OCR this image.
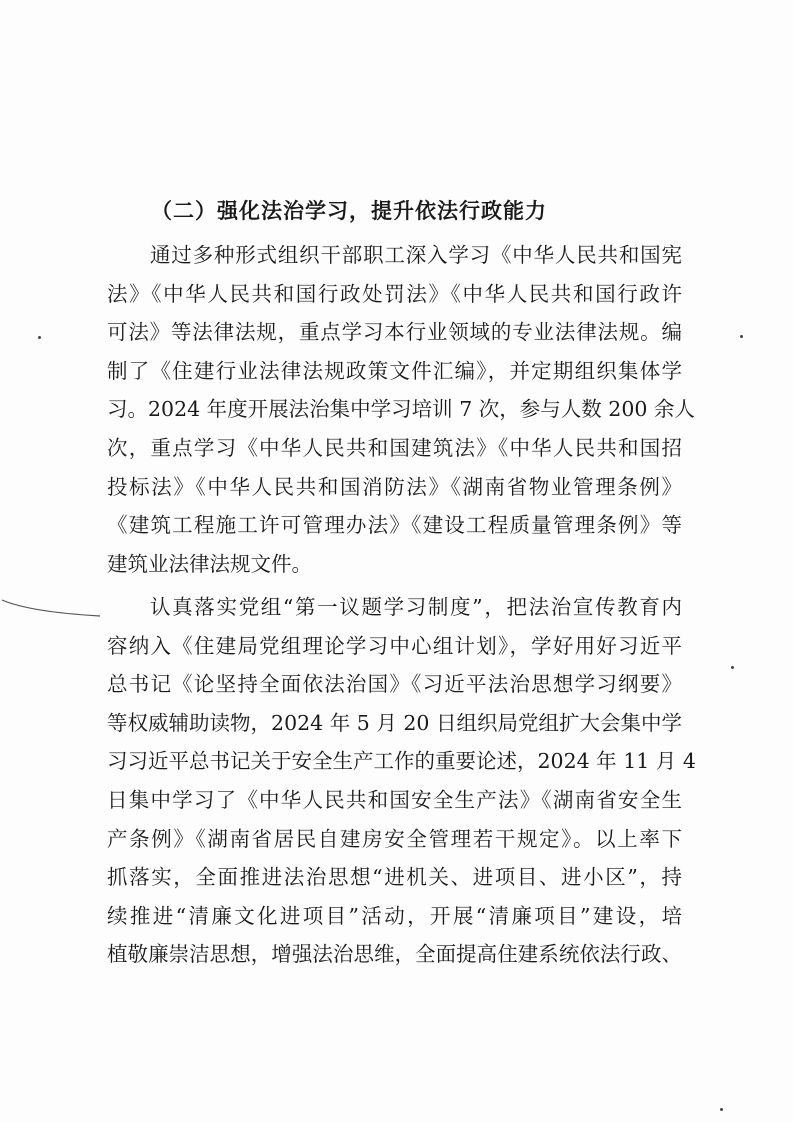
（二）强化法治学习，提升依法行政能力
通过多种形式组织干部职工深入学习《中华人民共和国宪
法》《中华人民共和国行政处罚法》《中华人民共和国行政许
可法》等法律法规，重点学习本行业领域的专业法律法规。编
制了《住建行业法律法规政策文件汇编》，并定期组织集体学
习。2024 年度开展法治集中学习培训 7 次，参与人数 200 余人
次，重点学习《中华人民共和国建筑法》《中华人民共和国招
投标法》《中华人民共和国消防法》《湖南省物业管理条例》
《建筑工程施工许可管理办法》《建设工程质量管理条例》等
建筑业法律法规文件。
认真落实党组“第一议题学习制度”，把法治宣传教育内
容纳入《住建局党组理论学习中心组计划》，学好用好习近平
总书记《论坚持全面依法治国》《习近平法治思想学习纲要》
等权威辅助读物，2024 年 5 月 20 日组织局党组扩大会集中学
习习近平总书记关于安全生产工作的重要论述，2024 年 11 月 4
日集中学习了《中华人民共和国安全生产法》《湖南省安全生
产条例》《湖南省居民自建房安全管理若干规定》。以上率下
抓落实，全面推进法治思想“进机关、进项目、进小区”，持
续推进“清廉文化进项目”活动，开展“清廉项目”建设，培
植敬廉崇洁思想，增强法治思维，全面提高住建系统依法行政、
